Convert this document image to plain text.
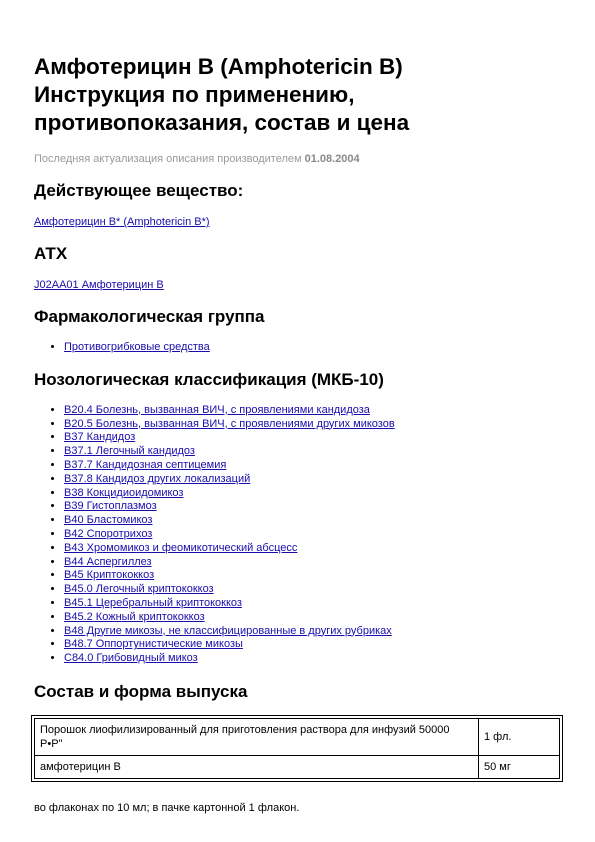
Амфотерицин B (Amphotericin B)
Инструкция по применению,
противопоказания, состав и цена
Последняя актуализация описания производителем 01.08.2004
Действующее вещество:
Амфотерицин B* (Amphotericin B*)
АТХ
J02AA01 Амфотерицин B
Фармакологическая группа
• Противогрибковые средства
Нозологическая классификация (МКБ-10)
• B20.4 Болезнь, вызванная ВИЧ, с проявлениями кандидоза
• B20.5 Болезнь, вызванная ВИЧ, с проявлениями других микозов
• B37 Кандидоз
• B37.1 Легочный кандидоз
• B37.7 Кандидозная септицемия
• B37.8 Кандидоз других локализаций
• B38 Кокцидиоидомикоз
• B39 Гистоплазмоз
• B40 Бластомикоз
• B42 Споротрихоз
• B43 Хромомикоз и феомикотический абсцесс
• B44 Аспергиллез
• B45 Криптококкоз
• B45.0 Легочный криптококкоз
• B45.1 Церебральный криптококкоз
• B45.2 Кожный криптококкоз
• B48 Другие микозы, не классифицированные в других рубриках
• B48.7 Оппортунистические микозы
• C84.0 Грибовидный микоз
Состав и форма выпуска
Порошок лиофилизированный для приготовления раствора для инфузий 50000 Р•Р"	1 фл.
амфотерицин B	50 мг
во флаконах по 10 мл; в пачке картонной 1 флакон.
